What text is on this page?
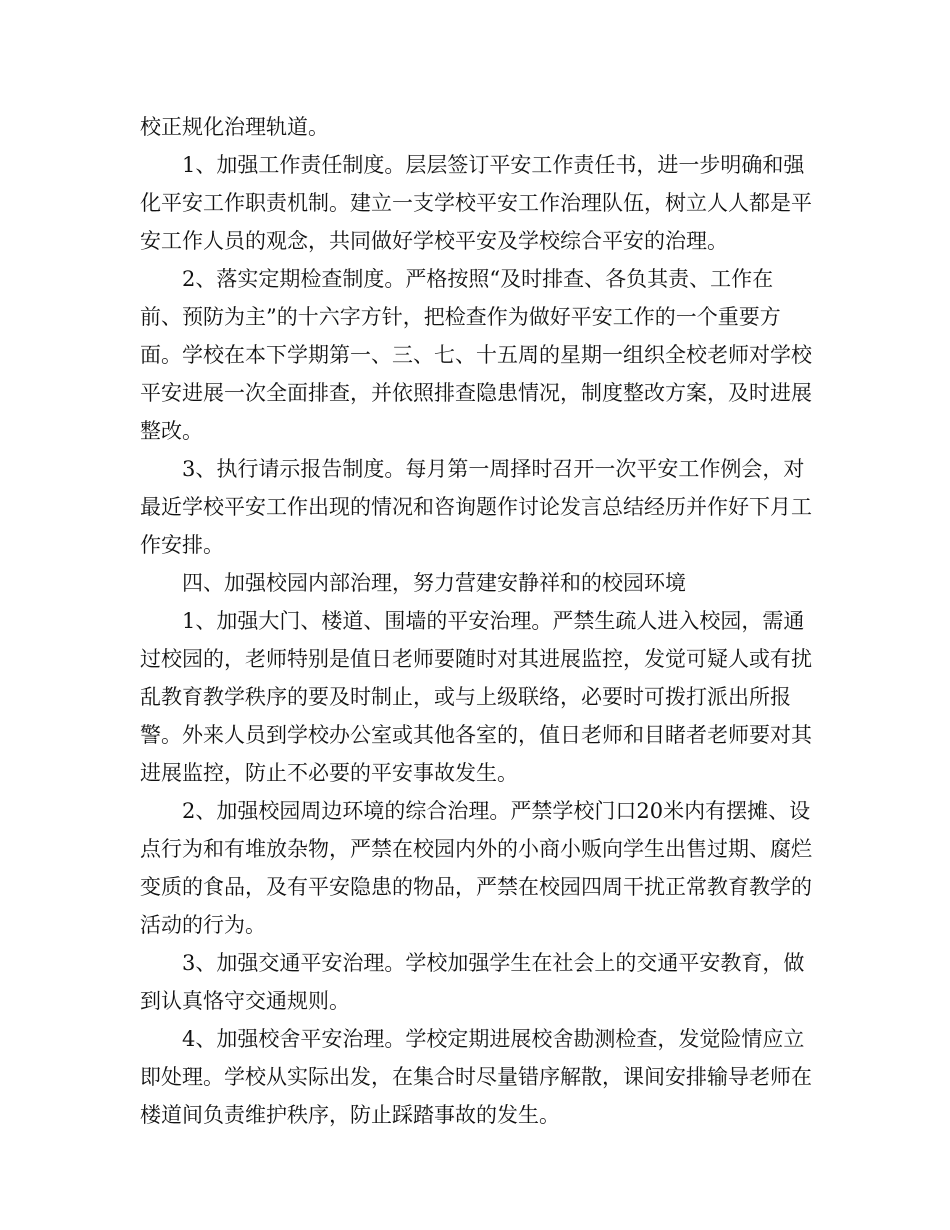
校正规化治理轨道。

1、加强工作责任制度。层层签订平安工作责任书，进一步明确和强化平安工作职责机制。建立一支学校平安工作治理队伍，树立人人都是平安工作人员的观念，共同做好学校平安及学校综合平安的治理。

2、落实定期检查制度。严格按照“及时排查、各负其责、工作在前、预防为主”的十六字方针，把检查作为做好平安工作的一个重要方面。学校在本下学期第一、三、七、十五周的星期一组织全校老师对学校平安进展一次全面排查，并依照排查隐患情况，制度整改方案，及时进展整改。

3、执行请示报告制度。每月第一周择时召开一次平安工作例会，对最近学校平安工作出现的情况和咨询题作讨论发言总结经历并作好下月工作安排。

四、加强校园内部治理，努力营建安静祥和的校园环境

1、加强大门、楼道、围墙的平安治理。严禁生疏人进入校园，需通过校园的，老师特别是值日老师要随时对其进展监控，发觉可疑人或有扰乱教育教学秩序的要及时制止，或与上级联络，必要时可拨打派出所报警。外来人员到学校办公室或其他各室的，值日老师和目睹者老师要对其进展监控，防止不必要的平安事故发生。

2、加强校园周边环境的综合治理。严禁学校门口20米内有摆摊、设点行为和有堆放杂物，严禁在校园内外的小商小贩向学生出售过期、腐烂变质的食品，及有平安隐患的物品，严禁在校园四周干扰正常教育教学的活动的行为。

3、加强交通平安治理。学校加强学生在社会上的交通平安教育，做到认真恪守交通规则。

4、加强校舍平安治理。学校定期进展校舍勘测检查，发觉险情应立即处理。学校从实际出发，在集合时尽量错序解散，课间安排输导老师在楼道间负责维护秩序，防止踩踏事故的发生。
